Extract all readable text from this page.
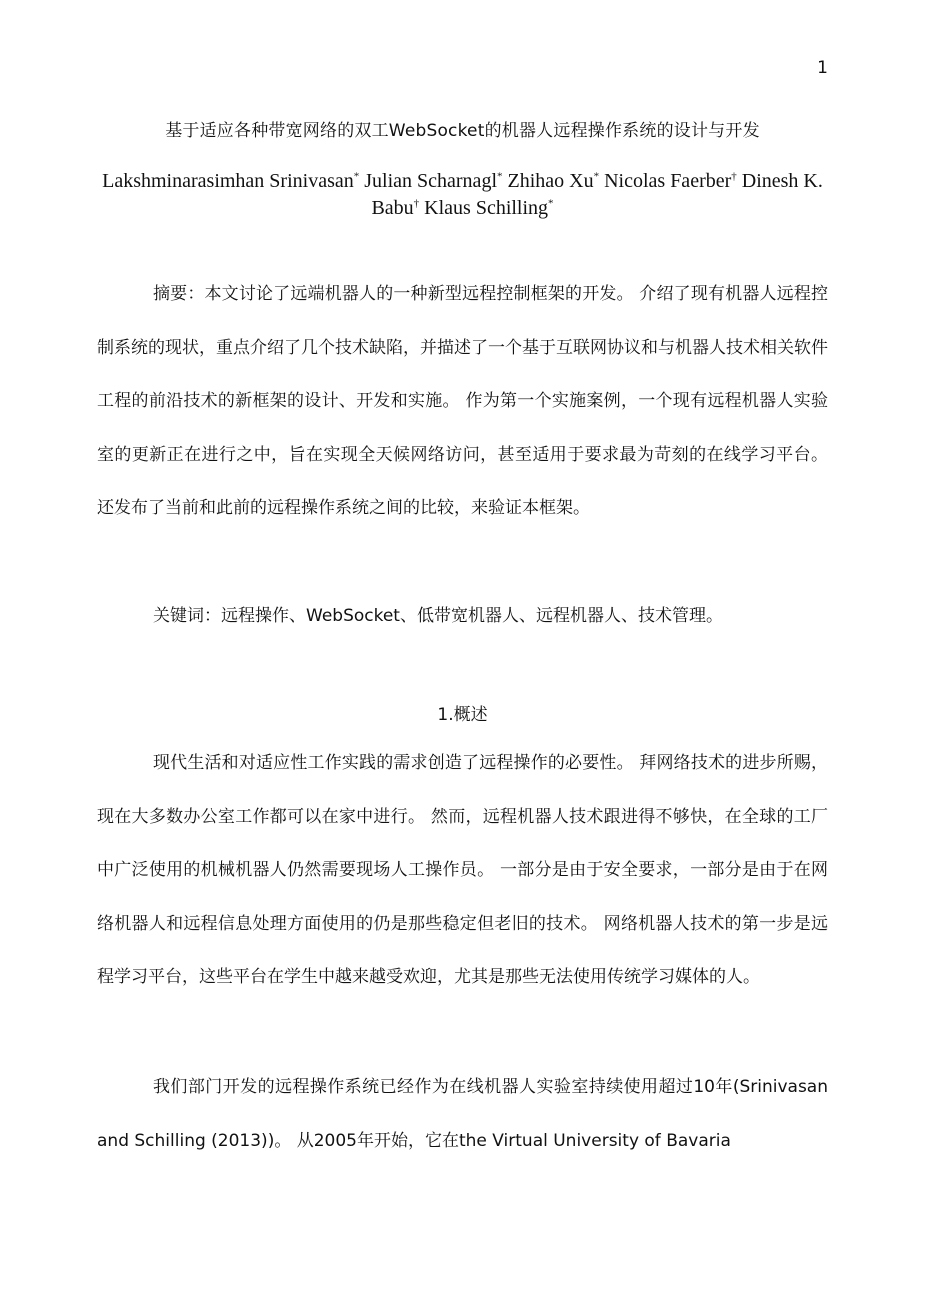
1
基于适应各种带宽网络的双工WebSocket的机器人远程操作系统的设计与开发
Lakshminarasimhan Srinivasan* Julian Scharnagl* Zhihao Xu* Nicolas Faerber† Dinesh K. Babu† Klaus Schilling*

摘要：本文讨论了远端机器人的一种新型远程控制框架的开发。 介绍了现有机器人远程控制系统的现状，重点介绍了几个技术缺陷，并描述了一个基于互联网协议和与机器人技术相关软件工程的前沿技术的新框架的设计、开发和实施。 作为第一个实施案例，一个现有远程机器人实验室的更新正在进行之中，旨在实现全天候网络访问，甚至适用于要求最为苛刻的在线学习平台。 还发布了当前和此前的远程操作系统之间的比较，来验证本框架。

关键词：远程操作、WebSocket、低带宽机器人、远程机器人、技术管理。

1.概述

现代生活和对适应性工作实践的需求创造了远程操作的必要性。 拜网络技术的进步所赐，现在大多数办公室工作都可以在家中进行。 然而，远程机器人技术跟进得不够快，在全球的工厂中广泛使用的机械机器人仍然需要现场人工操作员。 一部分是由于安全要求，一部分是由于在网络机器人和远程信息处理方面使用的仍是那些稳定但老旧的技术。 网络机器人技术的第一步是远程学习平台，这些平台在学生中越来越受欢迎，尤其是那些无法使用传统学习媒体的人。

我们部门开发的远程操作系统已经作为在线机器人实验室持续使用超过10年(Srinivasan and Schilling (2013))。 从2005年开始，它在the Virtual University of Bavaria
